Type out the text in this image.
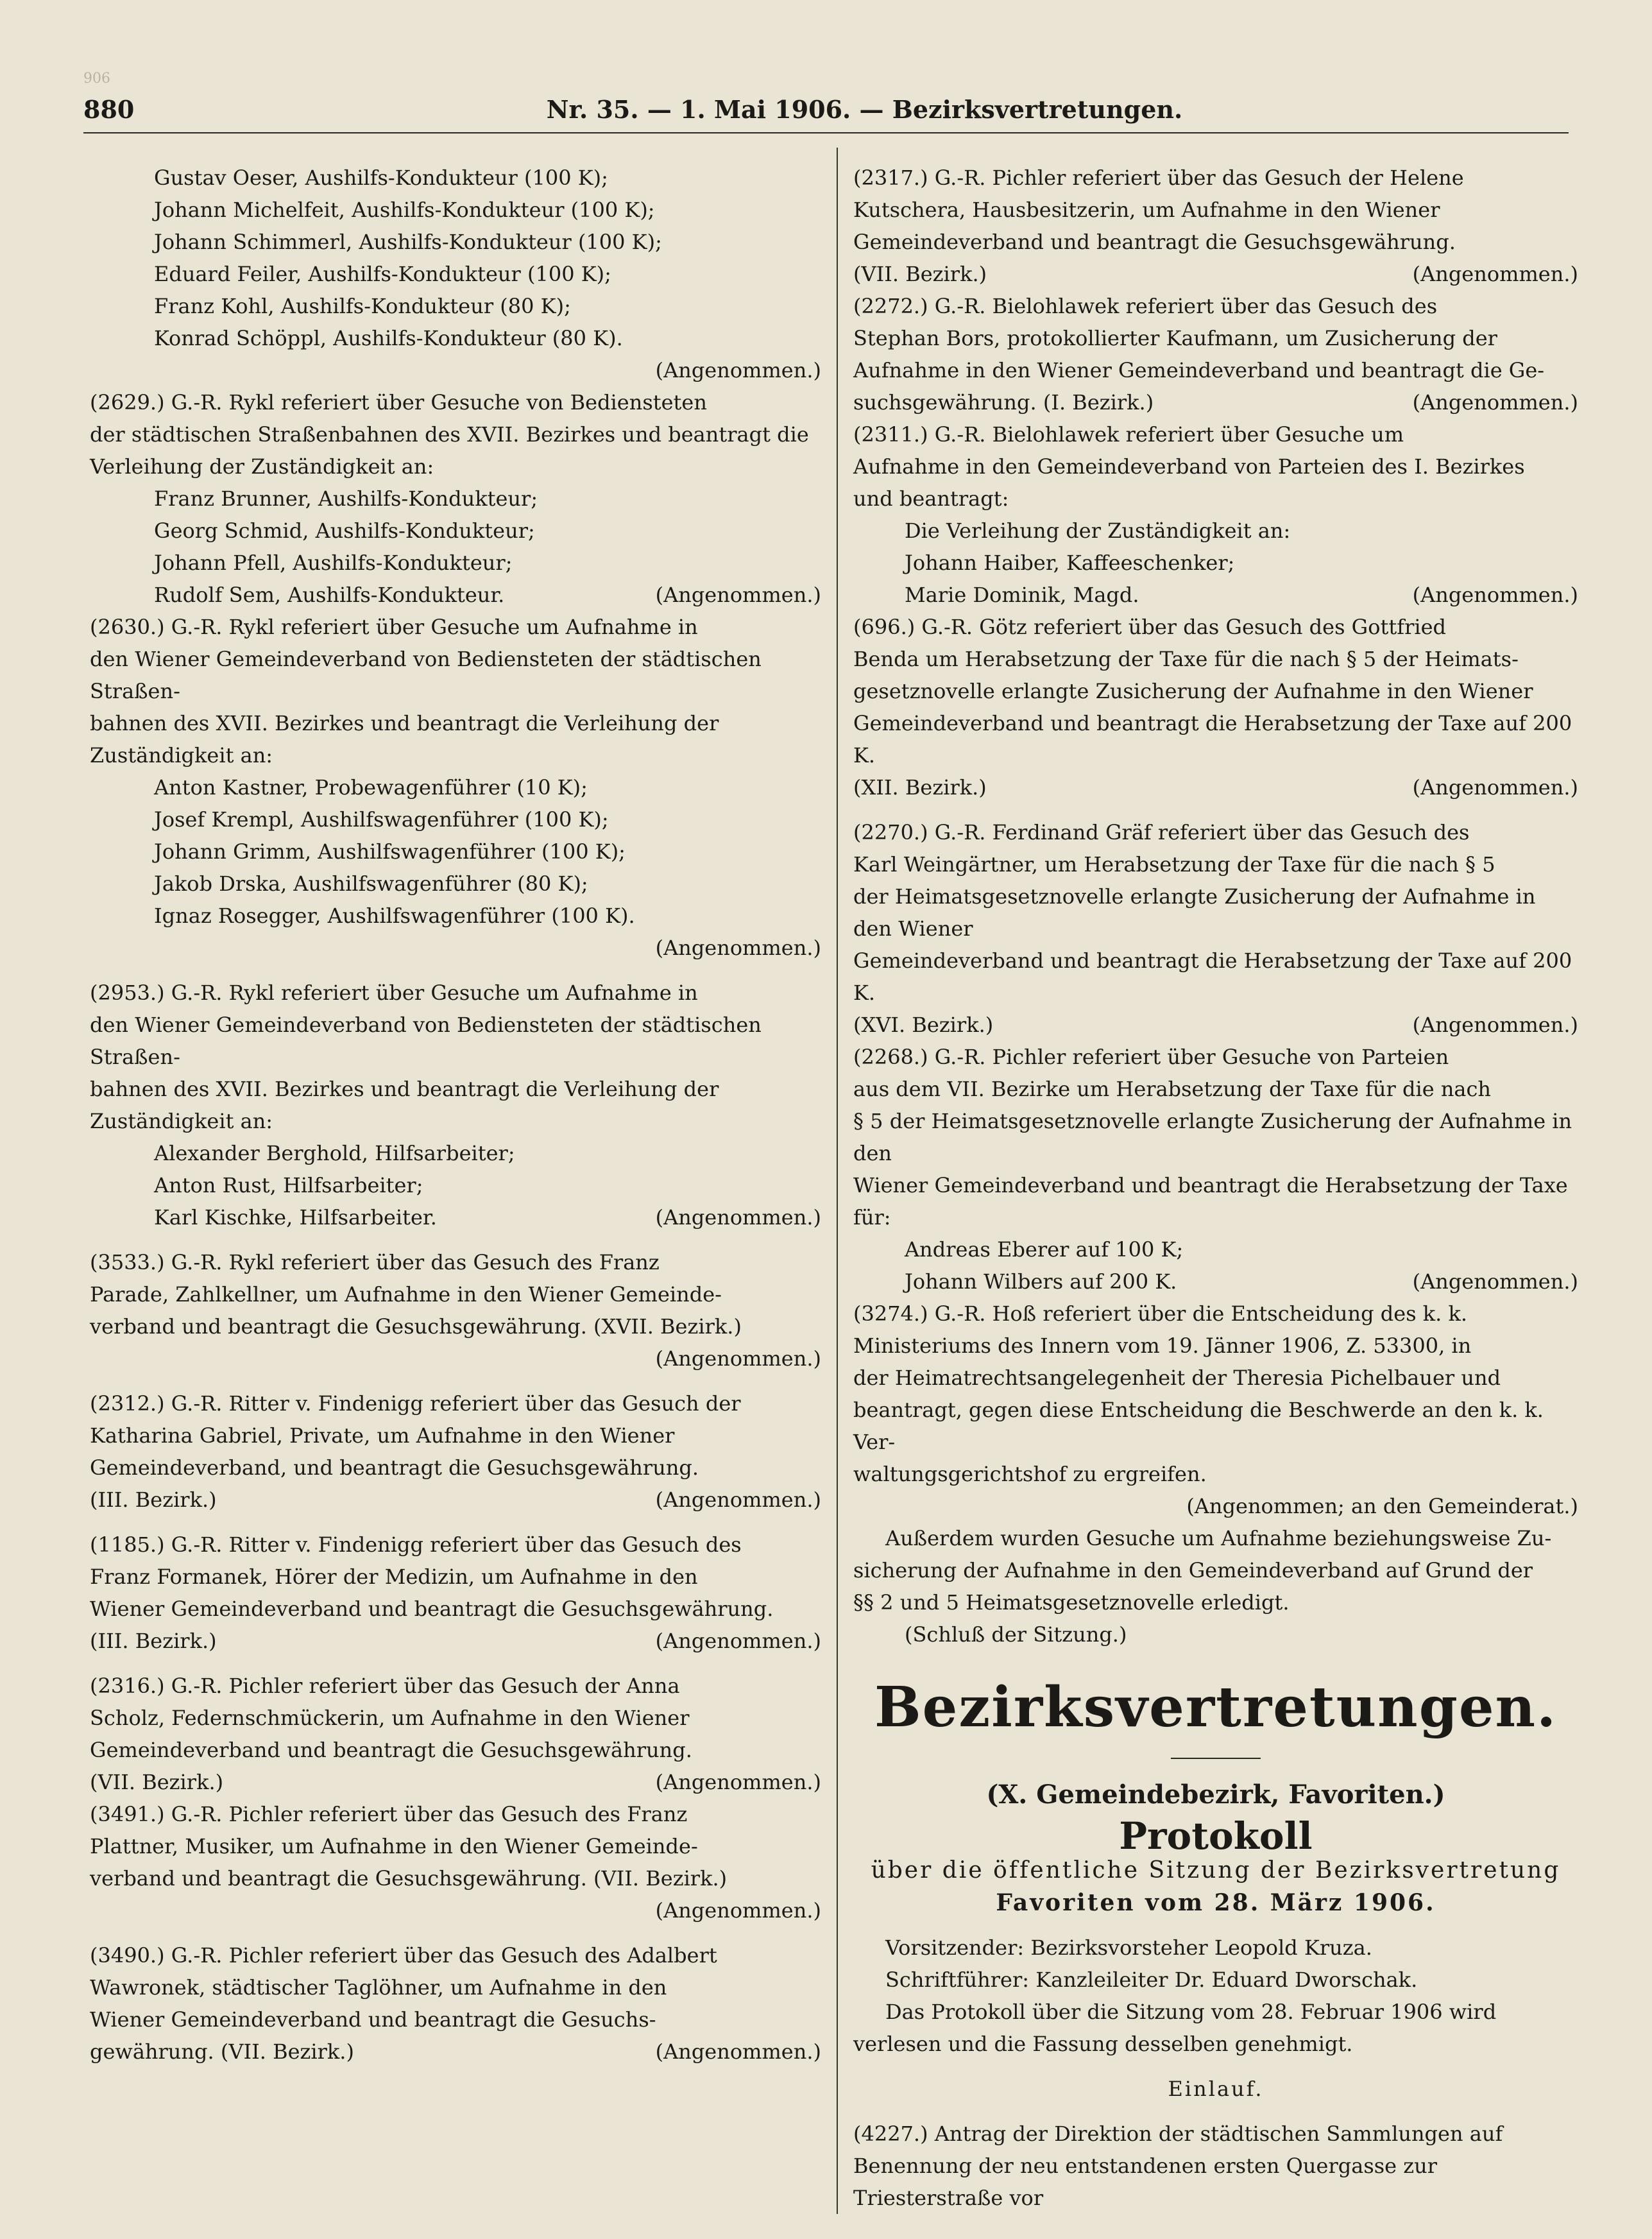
906
880	Nr. 35. — 1. Mai 1906. — Bezirksvertretungen.
Gustav Oeser, Aushilfs-Kondukteur (100 K);
Johann Michelfeit, Aushilfs-Kondukteur (100 K);
Johann Schimmerl, Aushilfs-Kondukteur (100 K);
Eduard Feiler, Aushilfs-Kondukteur (100 K);
Franz Kohl, Aushilfs-Kondukteur (80 K);
Konrad Schöppl, Aushilfs-Kondukteur (80 K).
(Angenommen.)
(2629.) G.-R. Rykl referiert über Gesuche von Bediensteten
der städtischen Straßenbahnen des XVII. Bezirkes und beantragt die
Verleihung der Zuständigkeit an:
Franz Brunner, Aushilfs-Kondukteur;
Georg Schmid, Aushilfs-Kondukteur;
Johann Pfell, Aushilfs-Kondukteur;
Rudolf Sem, Aushilfs-Kondukteur.	(Angenommen.)
(2630.) G.-R. Rykl referiert über Gesuche um Aufnahme in
den Wiener Gemeindeverband von Bediensteten der städtischen Straßen-
bahnen des XVII. Bezirkes und beantragt die Verleihung der
Zuständigkeit an:
Anton Kastner, Probewagenführer (10 K);
Josef Krempl, Aushilfswagenführer (100 K);
Johann Grimm, Aushilfswagenführer (100 K);
Jakob Drska, Aushilfswagenführer (80 K);
Ignaz Rosegger, Aushilfswagenführer (100 K).
(Angenommen.)
(2953.) G.-R. Rykl referiert über Gesuche um Aufnahme in
den Wiener Gemeindeverband von Bediensteten der städtischen Straßen-
bahnen des XVII. Bezirkes und beantragt die Verleihung der
Zuständigkeit an:
Alexander Berghold, Hilfsarbeiter;
Anton Rust, Hilfsarbeiter;
Karl Kischke, Hilfsarbeiter.	(Angenommen.)
(3533.) G.-R. Rykl referiert über das Gesuch des Franz
Parade, Zahlkellner, um Aufnahme in den Wiener Gemeinde-
verband und beantragt die Gesuchsgewährung. (XVII. Bezirk.)
(Angenommen.)
(2312.) G.-R. Ritter v. Findenigg referiert über das Gesuch der
Katharina Gabriel, Private, um Aufnahme in den Wiener
Gemeindeverband, und beantragt die Gesuchsgewährung.
(III. Bezirk.)	(Angenommen.)
(1185.) G.-R. Ritter v. Findenigg referiert über das Gesuch des
Franz Formanek, Hörer der Medizin, um Aufnahme in den
Wiener Gemeindeverband und beantragt die Gesuchsgewährung.
(III. Bezirk.)	(Angenommen.)
(2316.) G.-R. Pichler referiert über das Gesuch der Anna
Scholz, Federnschmückerin, um Aufnahme in den Wiener
Gemeindeverband und beantragt die Gesuchsgewährung.
(VII. Bezirk.)	(Angenommen.)
(3491.) G.-R. Pichler referiert über das Gesuch des Franz
Plattner, Musiker, um Aufnahme in den Wiener Gemeinde-
verband und beantragt die Gesuchsgewährung. (VII. Bezirk.)
(Angenommen.)
(3490.) G.-R. Pichler referiert über das Gesuch des Adalbert
Wawronek, städtischer Taglöhner, um Aufnahme in den
Wiener Gemeindeverband und beantragt die Gesuchs-
gewährung. (VII. Bezirk.)	(Angenommen.)
(2317.) G.-R. Pichler referiert über das Gesuch der Helene
Kutschera, Hausbesitzerin, um Aufnahme in den Wiener
Gemeindeverband und beantragt die Gesuchsgewährung.
(VII. Bezirk.)	(Angenommen.)
(2272.) G.-R. Bielohlawek referiert über das Gesuch des
Stephan Bors, protokollierter Kaufmann, um Zusicherung der
Aufnahme in den Wiener Gemeindeverband und beantragt die Ge-
suchsgewährung. (I. Bezirk.)	(Angenommen.)
(2311.) G.-R. Bielohlawek referiert über Gesuche um
Aufnahme in den Gemeindeverband von Parteien des I. Bezirkes
und beantragt:
Die Verleihung der Zuständigkeit an:
Johann Haiber, Kaffeeschenker;
Marie Dominik, Magd.	(Angenommen.)
(696.) G.-R. Götz referiert über das Gesuch des Gottfried
Benda um Herabsetzung der Taxe für die nach § 5 der Heimats-
gesetznovelle erlangte Zusicherung der Aufnahme in den Wiener
Gemeindeverband und beantragt die Herabsetzung der Taxe auf 200 K.
(XII. Bezirk.)	(Angenommen.)
(2270.) G.-R. Ferdinand Gräf referiert über das Gesuch des
Karl Weingärtner, um Herabsetzung der Taxe für die nach § 5
der Heimatsgesetznovelle erlangte Zusicherung der Aufnahme in den Wiener
Gemeindeverband und beantragt die Herabsetzung der Taxe auf 200 K.
(XVI. Bezirk.)	(Angenommen.)
(2268.) G.-R. Pichler referiert über Gesuche von Parteien
aus dem VII. Bezirke um Herabsetzung der Taxe für die nach
§ 5 der Heimatsgesetznovelle erlangte Zusicherung der Aufnahme in den
Wiener Gemeindeverband und beantragt die Herabsetzung der Taxe für:
Andreas Eberer auf 100 K;
Johann Wilbers auf 200 K.	(Angenommen.)
(3274.) G.-R. Hoß referiert über die Entscheidung des k. k.
Ministeriums des Innern vom 19. Jänner 1906, Z. 53300, in
der Heimatrechtsangelegenheit der Theresia Pichelbauer und
beantragt, gegen diese Entscheidung die Beschwerde an den k. k. Ver-
waltungsgerichtshof zu ergreifen.
(Angenommen; an den Gemeinderat.)
Außerdem wurden Gesuche um Aufnahme beziehungsweise Zu-
sicherung der Aufnahme in den Gemeindeverband auf Grund der
§§ 2 und 5 Heimatsgesetznovelle erledigt.
(Schluß der Sitzung.)
Bezirksvertretungen.
(X. Gemeindebezirk, Favoriten.)
Protokoll
über die öffentliche Sitzung der Bezirksvertretung
Favoriten vom 28. März 1906.
Vorsitzender: Bezirksvorsteher Leopold Kruza.
Schriftführer: Kanzleileiter Dr. Eduard Dworschak.
Das Protokoll über die Sitzung vom 28. Februar 1906 wird
verlesen und die Fassung desselben genehmigt.
Einlauf.
(4227.) Antrag der Direktion der städtischen Sammlungen auf
Benennung der neu entstandenen ersten Quergasse zur Triesterstraße vor
